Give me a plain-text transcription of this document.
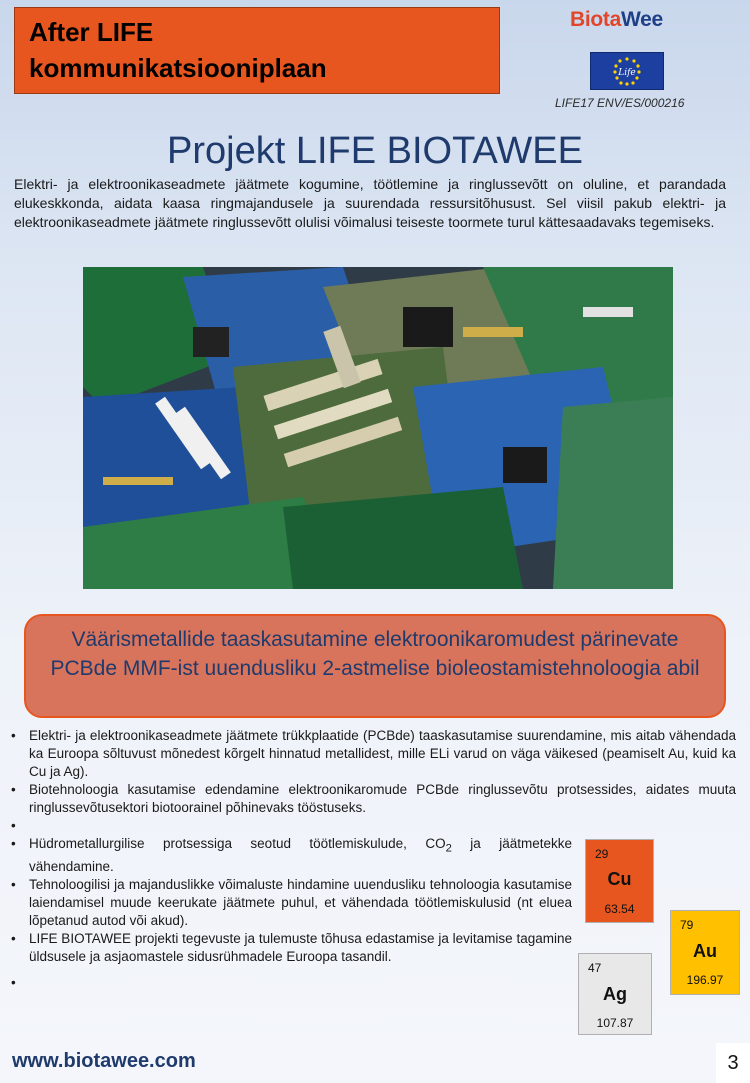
After LIFE
kommunikatsiooniplaan
BiotaWee
Life
LIFE17 ENV/ES/000216
Projekt LIFE BIOTAWEE
Elektri- ja elektroonikaseadmete jäätmete kogumine, töötlemine ja ringlussevõtt on oluline, et parandada elukeskkonda, aidata kaasa ringmajandusele ja suurendada ressursitõhusust. Sel viisil pakub elektri- ja elektroonikaseadmete jäätmete ringlussevõtt olulisi võimalusi teiseste toormete turul kättesaadavaks tegemiseks.
Väärismetallide taaskasutamine elektroonikaromudest pärinevate PCBde MMF-ist uuendusliku 2-astmelise bioleostamistehnoloogia abil
• Elektri- ja elektroonikaseadmete jäätmete trükkplaatide (PCBde) taaskasutamise suurendamine, mis aitab vähendada ka Euroopa sõltuvust mõnedest kõrgelt hinnatud metallidest, mille ELi varud on väga väikesed (peamiselt Au, kuid ka Cu ja Ag).
• Biotehnoloogia kasutamise edendamine elektroonikaromude PCBde ringlussevõtu protsessides, aidates muuta ringlussevõtusektori biotoorainel põhinevaks tööstuseks.
•
• Hüdrometallurgilise protsessiga seotud töötlemiskulude, $CO_2$ ja jäätmetekke vähendamine.
• Tehnoloogilisi ja majanduslikke võimaluste hindamine uuendusliku tehnoloogia kasutamise laiendamisel muude keerukate jäätmete puhul, et vähendada töötlemiskulusid (nt eluea lõpetanud autod või akud).
• LIFE BIOTAWEE projekti tegevuste ja tulemuste tõhusa edastamise ja levitamise tagamine üldsusele ja asjaomastele sidusrühmadele Euroopa tasandil.
•
29
Cu
63.54
79
Au
196.97
47
Ag
107.87
www.biotawee.com	3
